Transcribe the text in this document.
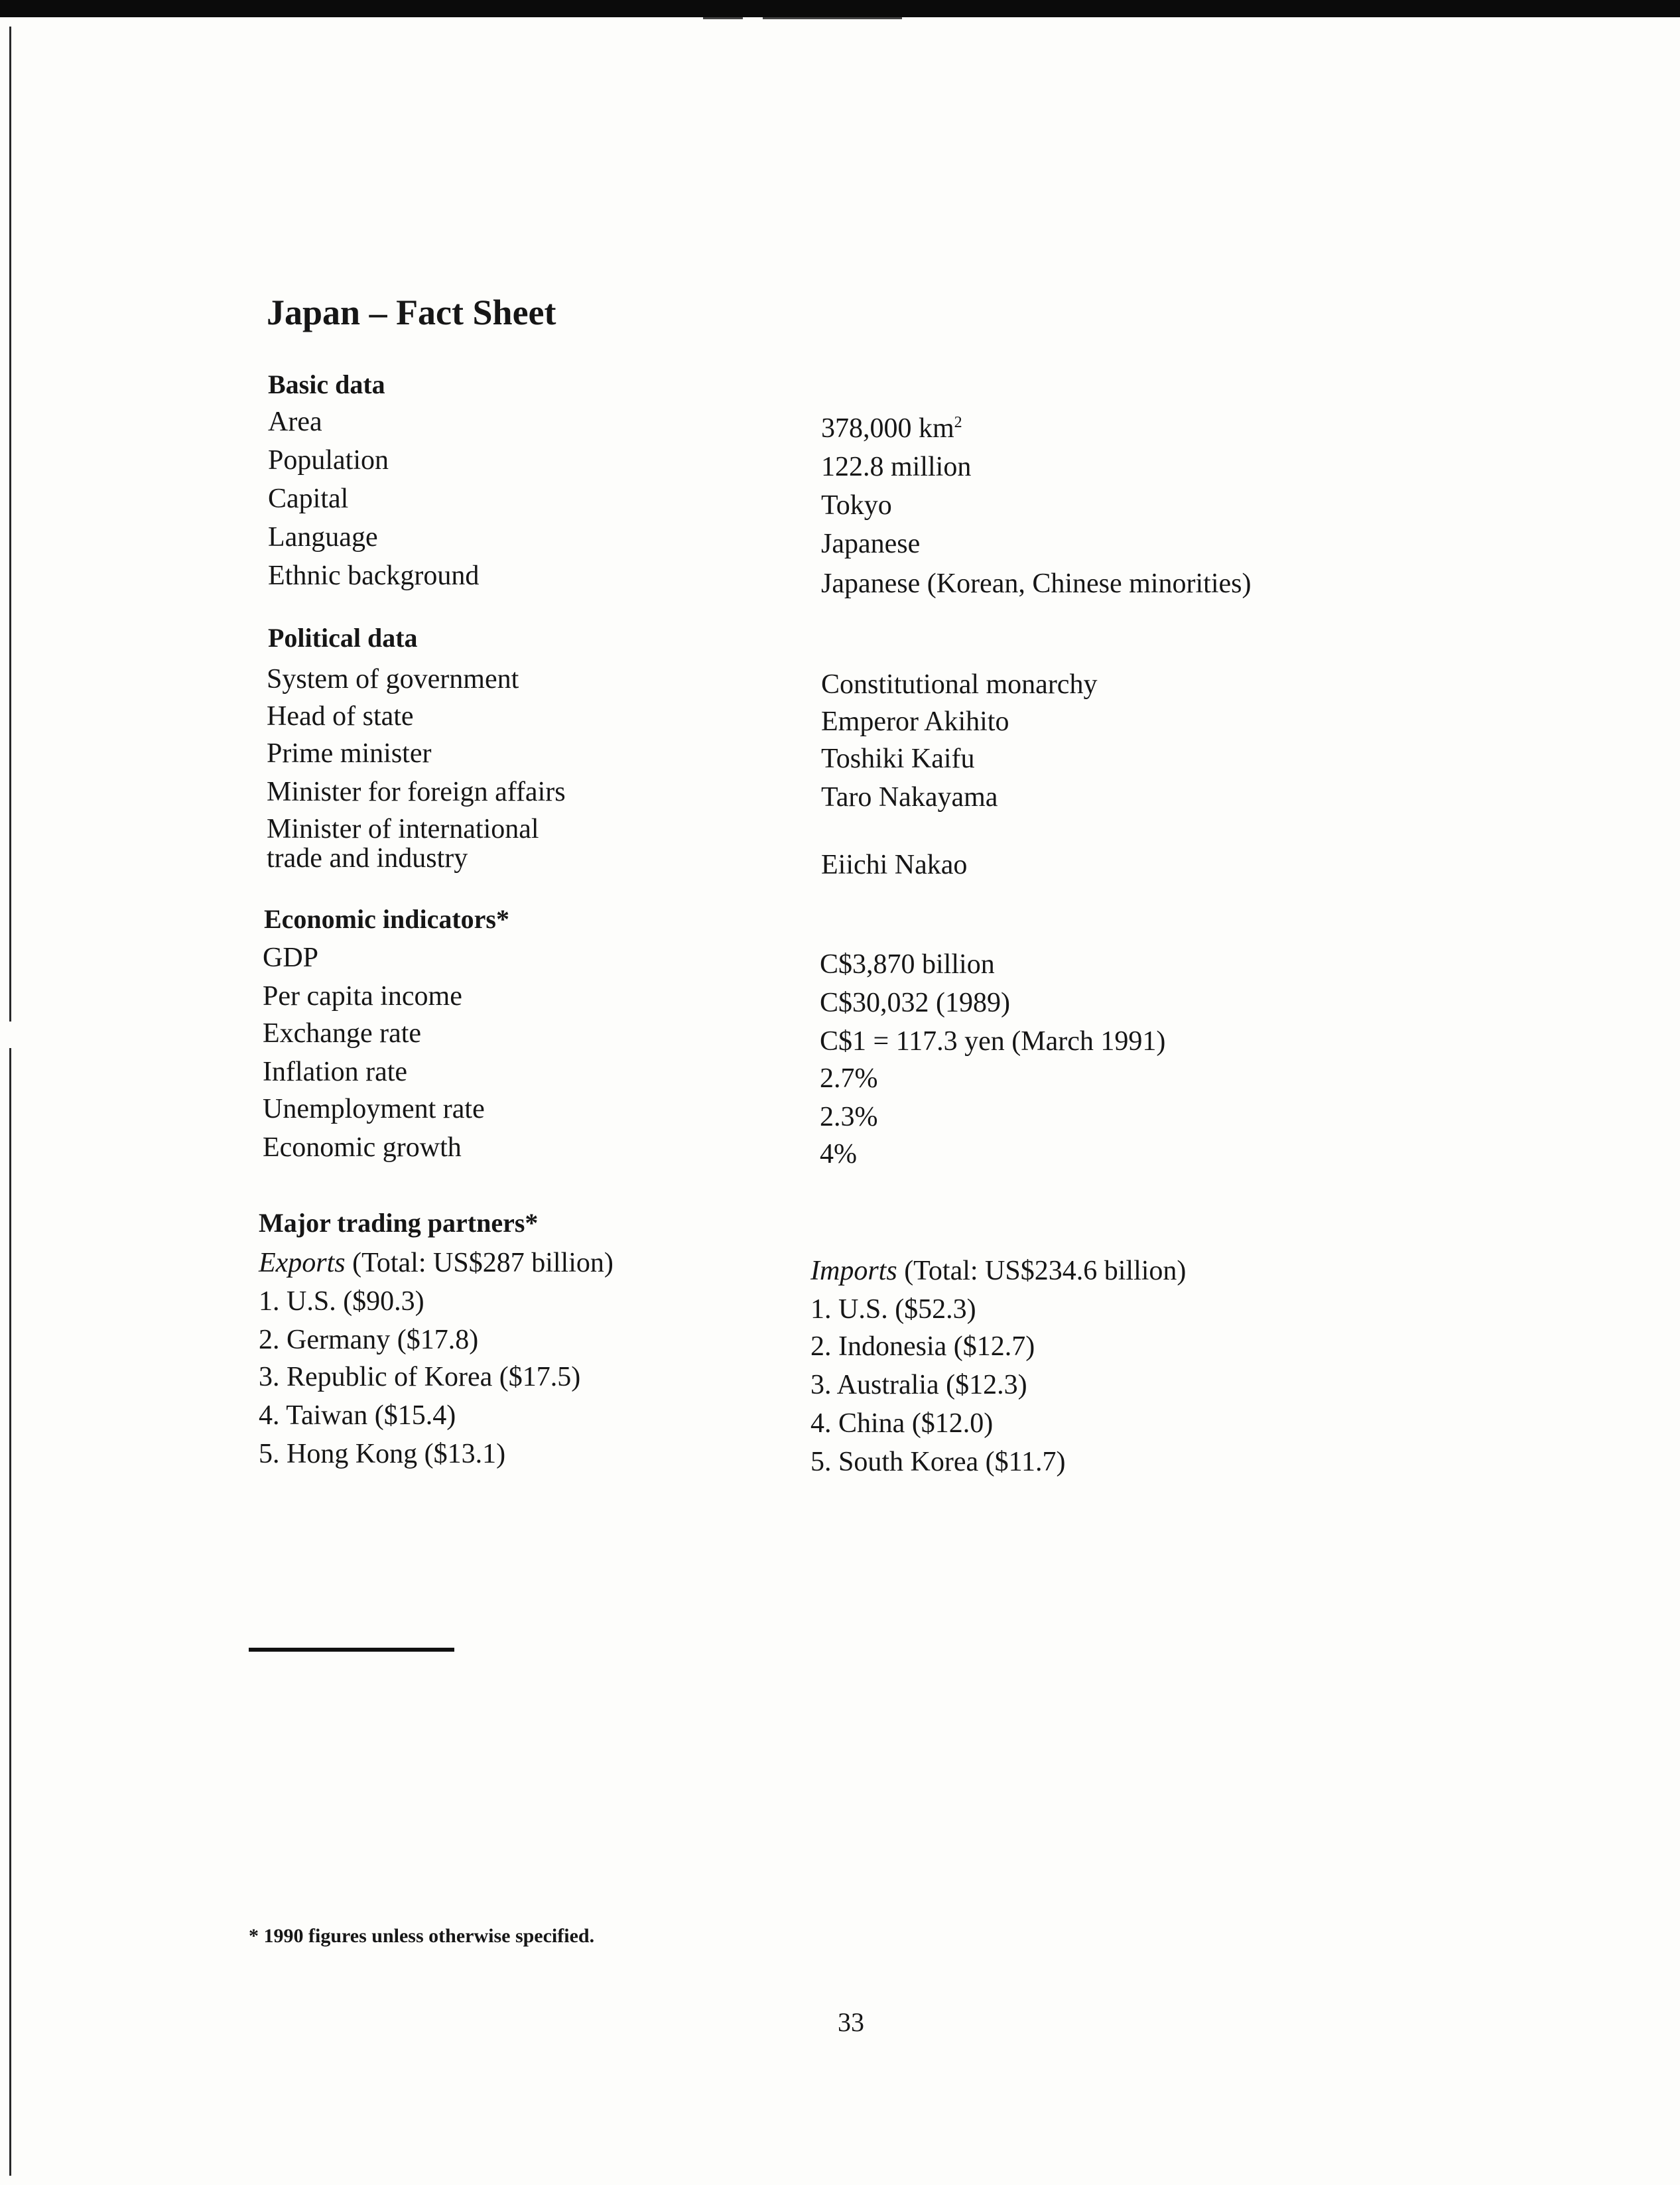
Japan – Fact Sheet
Basic data
Area	378,000 $km^2$
Population	122.8 million
Capital	Tokyo
Language	Japanese
Ethnic background	Japanese (Korean, Chinese minorities)
Political data
System of government	Constitutional monarchy
Head of state	Emperor Akihito
Prime minister	Toshiki Kaifu
Minister for foreign affairs	Taro Nakayama
Minister of international
trade and industry	Eiichi Nakao
Economic indicators*
GDP	C$3,870 billion
Per capita income	C$30,032 (1989)
Exchange rate	C$1 = 117.3 yen (March 1991)
Inflation rate	2.7%
Unemployment rate	2.3%
Economic growth	4%
Major trading partners*
Exports (Total: US$287 billion)
1. U.S. ($90.3)
2. Germany ($17.8)
3. Republic of Korea ($17.5)
4. Taiwan ($15.4)
5. Hong Kong ($13.1)
Imports (Total: US$234.6 billion)
1. U.S. ($52.3)
2. Indonesia ($12.7)
3. Australia ($12.3)
4. China ($12.0)
5. South Korea ($11.7)
* 1990 figures unless otherwise specified.
33
